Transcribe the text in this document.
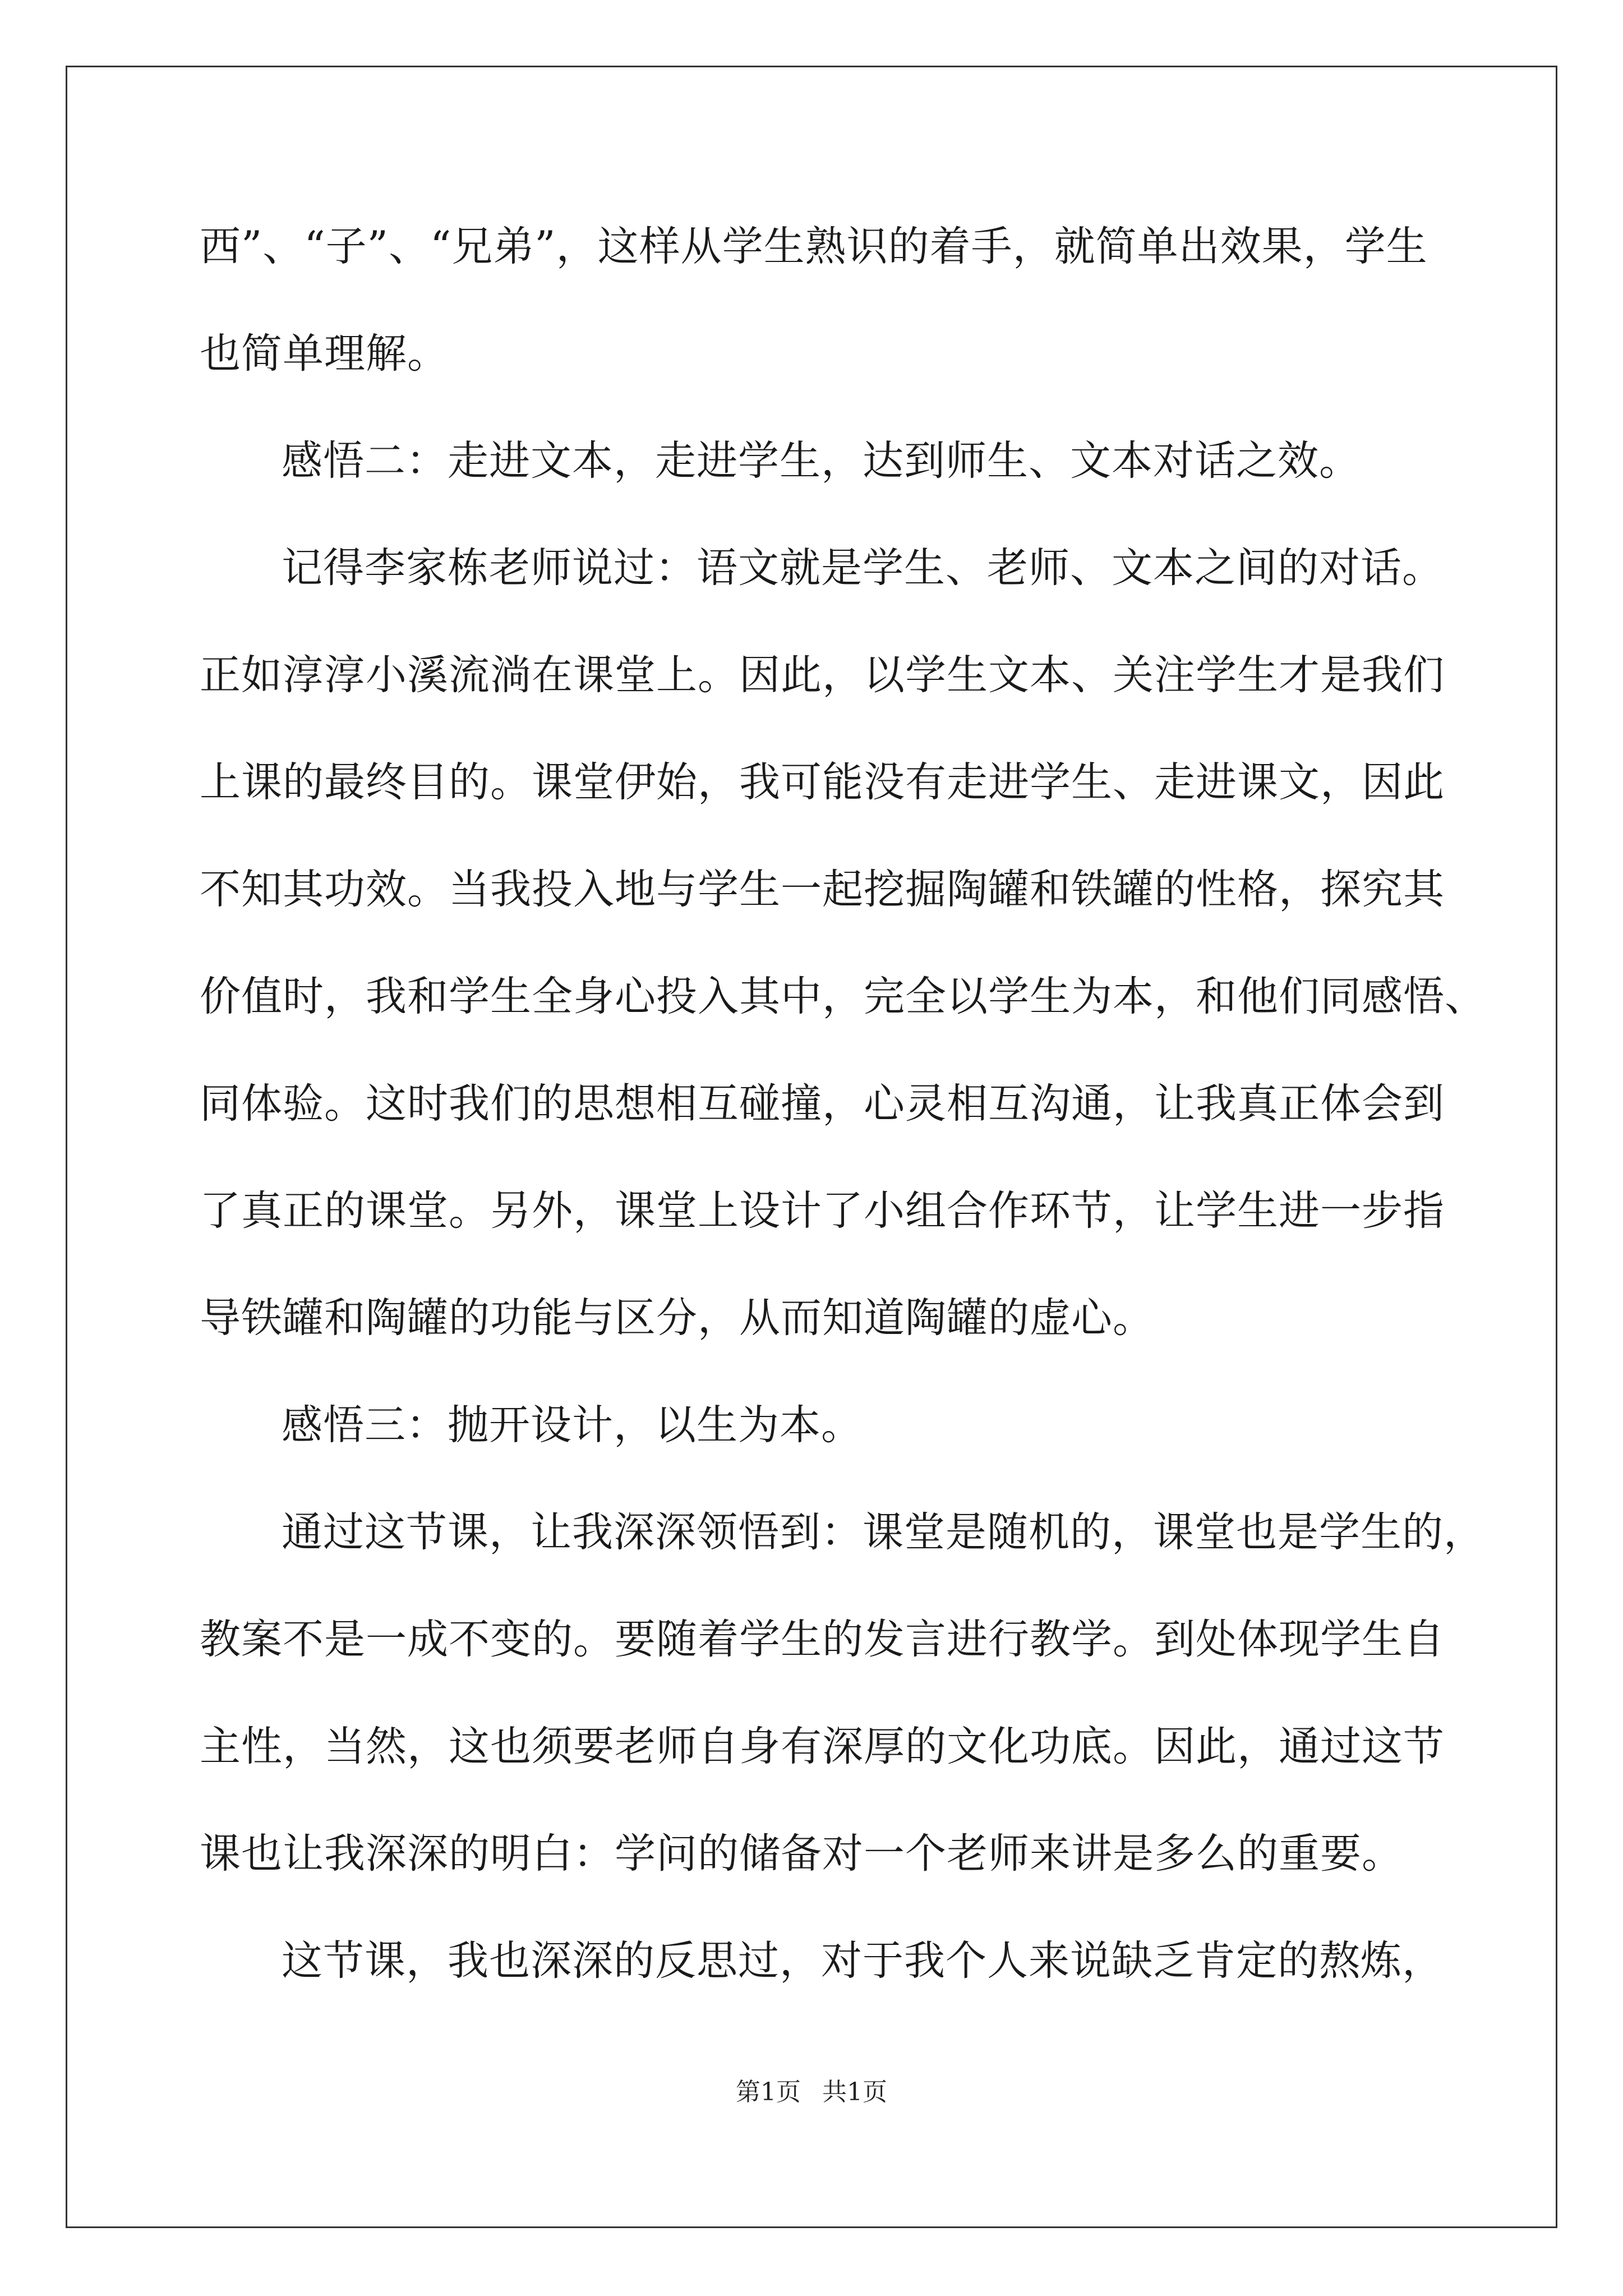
西”、“子”、“兄弟”，这样从学生熟识的着手，就简单出效果，学生
也简单理解。
感悟二：走进文本，走进学生，达到师生、文本对话之效。
记得李家栋老师说过：语文就是学生、老师、文本之间的对话。
正如淳淳小溪流淌在课堂上。因此，以学生文本、关注学生才是我们
上课的最终目的。课堂伊始，我可能没有走进学生、走进课文，因此
不知其功效。当我投入地与学生一起挖掘陶罐和铁罐的性格，探究其
价值时，我和学生全身心投入其中，完全以学生为本，和他们同感悟、
同体验。这时我们的思想相互碰撞，心灵相互沟通，让我真正体会到
了真正的课堂。另外，课堂上设计了小组合作环节，让学生进一步指
导铁罐和陶罐的功能与区分，从而知道陶罐的虚心。
感悟三：抛开设计，以生为本。
通过这节课，让我深深领悟到：课堂是随机的，课堂也是学生的，
教案不是一成不变的。要随着学生的发言进行教学。到处体现学生自
主性，当然，这也须要老师自身有深厚的文化功底。因此，通过这节
课也让我深深的明白：学问的储备对一个老师来讲是多么的重要。
这节课，我也深深的反思过，对于我个人来说缺乏肯定的熬炼，
第1页 共1页
